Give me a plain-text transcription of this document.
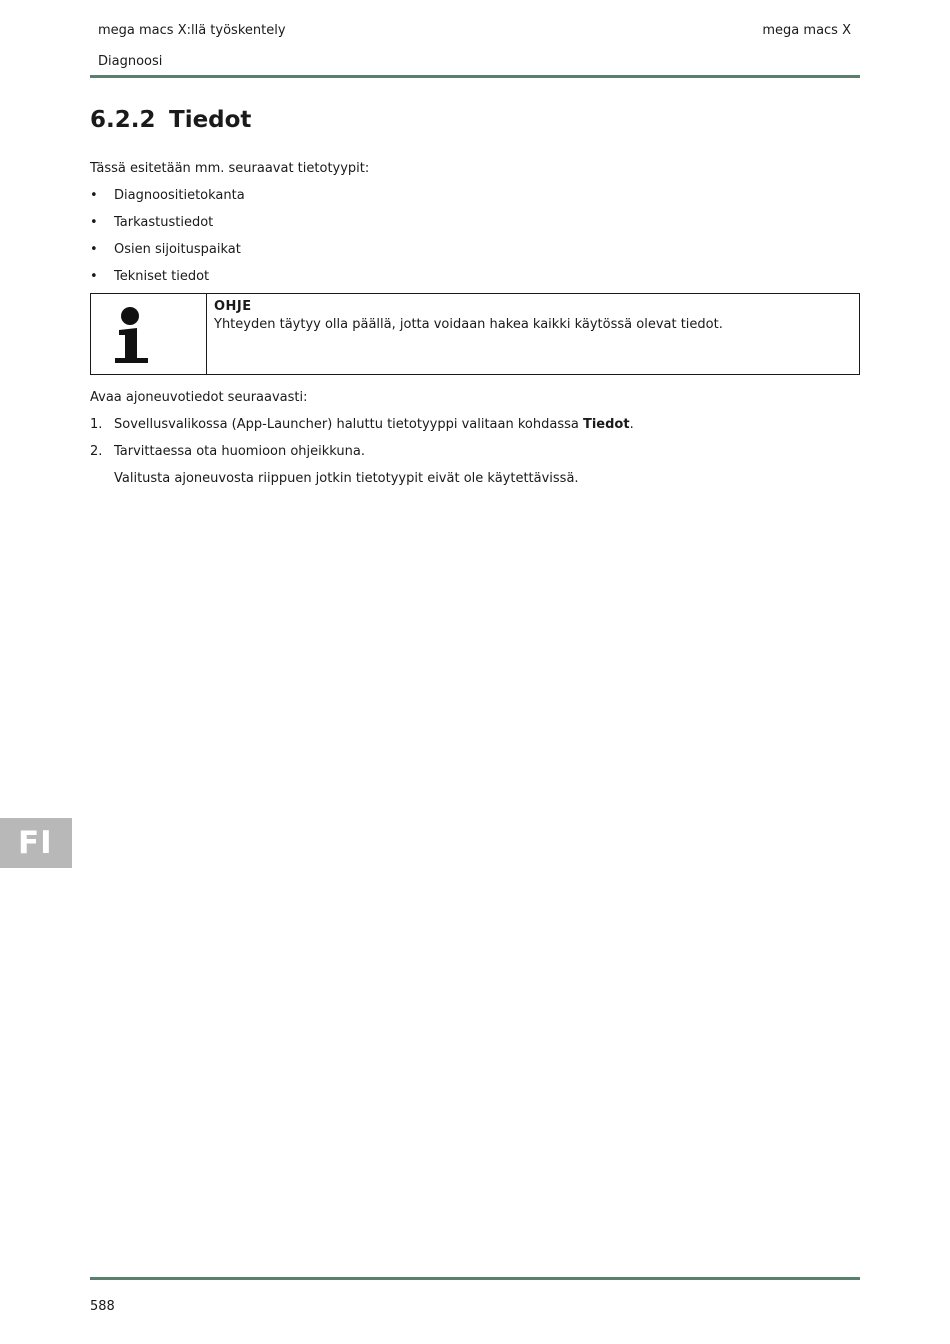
mega macs X:llä työskentely
Diagnoosi
mega macs X
6.2.2 Tiedot
Tässä esitetään mm. seuraavat tietotyypit:
• Diagnoositietokanta
• Tarkastustiedot
• Osien sijoituspaikat
• Tekniset tiedot
OHJE
Yhteyden täytyy olla päällä, jotta voidaan hakea kaikki käytössä olevat tiedot.
Avaa ajoneuvotiedot seuraavasti:
1. Sovellusvalikossa (App-Launcher) haluttu tietotyyppi valitaan kohdassa Tiedot.
2. Tarvittaessa ota huomioon ohjeikkuna.
Valitusta ajoneuvosta riippuen jotkin tietotyypit eivät ole käytettävissä.
FI
588
